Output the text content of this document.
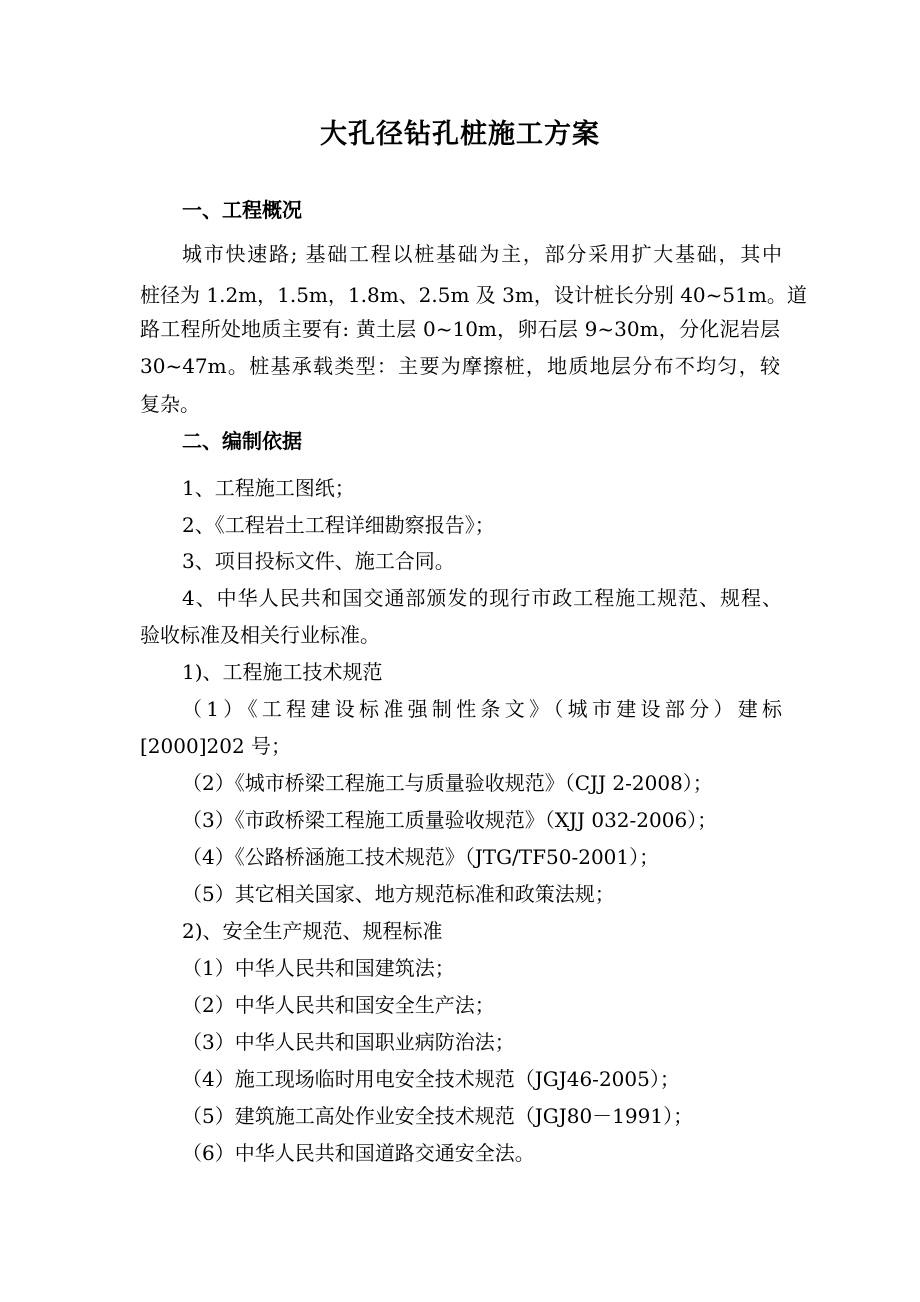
大孔径钻孔桩施工方案
一、工程概况
城市快速路; 基础工程以桩基础为主，部分采用扩大基础，其中
桩径为 1.2m，1.5m，1.8m、2.5m 及 3m，设计桩长分别 40~51m。道
路工程所处地质主要有: 黄土层 0~10m，卵石层 9~30m，分化泥岩层
30~47m。桩基承载类型：主要为摩擦桩，地质地层分布不均匀，较
复杂。
二、编制依据
1、工程施工图纸；
2、《工程岩土工程详细勘察报告》；
3、项目投标文件、施工合同。
4、中华人民共和国交通部颁发的现行市政工程施工规范、规程、
验收标准及相关行业标准。
1)、工程施工技术规范
（1）《工程建设标准强制性条文》（城市建设部分）建标
[2000]202 号；
（2）《城市桥梁工程施工与质量验收规范》（CJJ 2-2008）；
（3）《市政桥梁工程施工质量验收规范》（XJJ 032-2006）；
（4）《公路桥涵施工技术规范》（JTG/TF50-2001）；
（5）其它相关国家、地方规范标准和政策法规；
2)、安全生产规范、规程标准
（1）中华人民共和国建筑法；
（2）中华人民共和国安全生产法；
（3）中华人民共和国职业病防治法；
（4）施工现场临时用电安全技术规范（JGJ46-2005）；
（5）建筑施工高处作业安全技术规范（JGJ80－1991）；
（6）中华人民共和国道路交通安全法。
